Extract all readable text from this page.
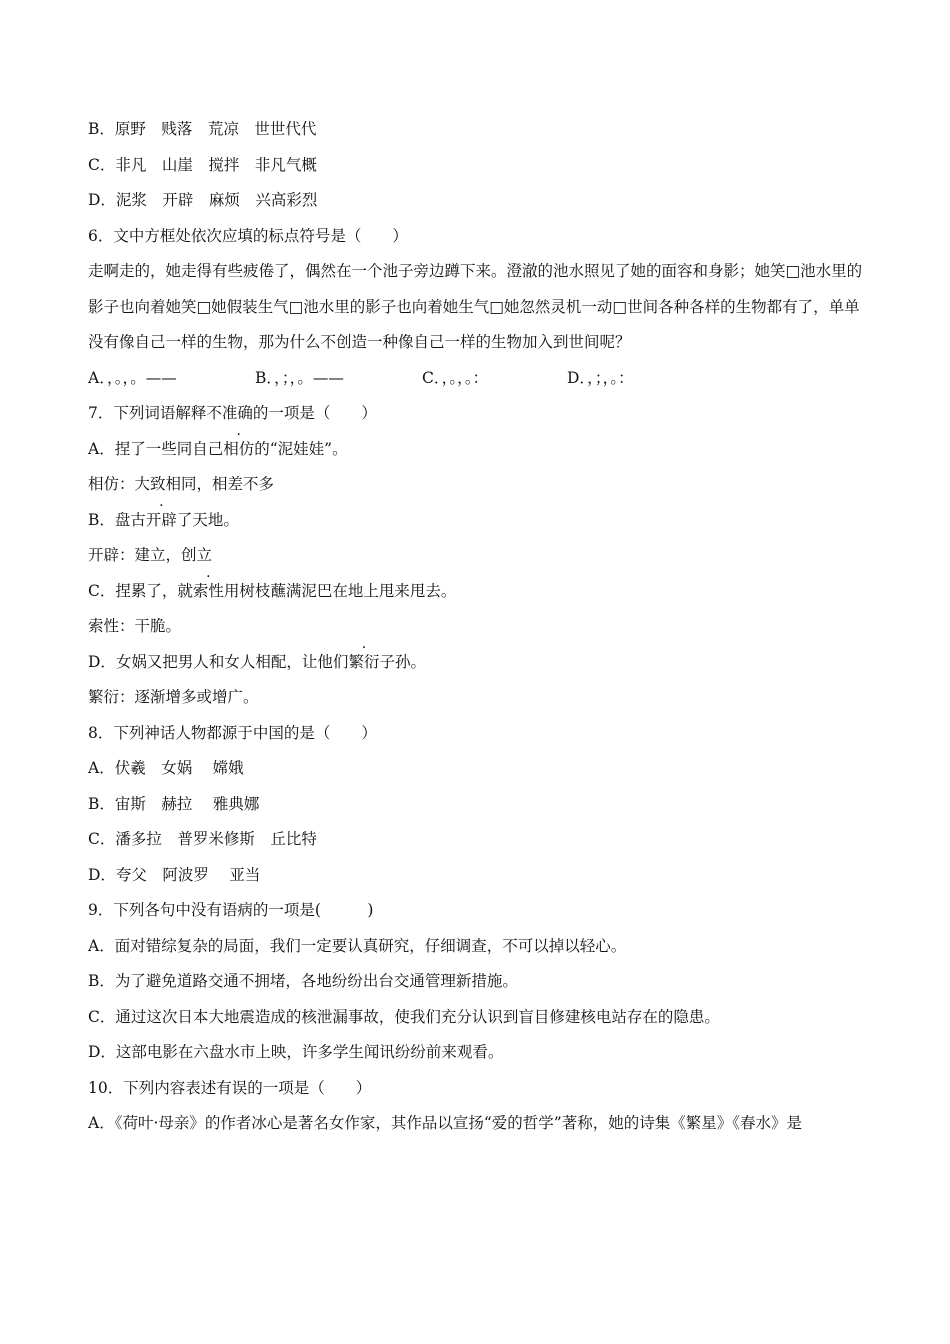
B．原野　贱落　荒凉　世世代代
C．非凡　山崖　搅拌　非凡气概
D．泥浆　开辟　麻烦　兴高彩烈
6．文中方框处依次应填的标点符号是（　　）
走啊走的，她走得有些疲倦了，偶然在一个池子旁边蹲下来。澄澈的池水照见了她的面容和身影；她笑□池水里的影子也向着她笑□她假装生气□池水里的影子也向着她生气□她忽然灵机一动□世间各种各样的生物都有了，单单没有像自己一样的生物，那为什么不创造一种像自己一样的生物加入到世间呢？
A．，。，。——	B．，；，。——	C．，。，。：	D．，；，。：
7．下列词语解释不准确的一项是（　　）
A．捏了一些同自己相仿的“泥娃娃”。
相仿：大致相同，相差不多
B．盘古开辟了天地。
开辟：建立，创立
C．捏累了，就索性用树枝蘸满泥巴在地上甩来甩去。
索性：干脆。
D．女娲又把男人和女人相配，让他们繁衍子孙。
繁衍：逐渐增多或增广。
8．下列神话人物都源于中国的是（　　）
A．伏羲　女娲　 嫦娥
B．宙斯　赫拉　 雅典娜
C．潘多拉　普罗米修斯　丘比特
D．夸父　阿波罗　 亚当
9．下列各句中没有语病的一项是(　　　)
A．面对错综复杂的局面，我们一定要认真研究，仔细调查，不可以掉以轻心。
B．为了避免道路交通不拥堵，各地纷纷出台交通管理新措施。
C．通过这次日本大地震造成的核泄漏事故，使我们充分认识到盲目修建核电站存在的隐患。
D．这部电影在六盘水市上映，许多学生闻讯纷纷前来观看。
10．下列内容表述有误的一项是（　　）
A．《荷叶·母亲》的作者冰心是著名女作家，其作品以宣扬“爱的哲学”著称，她的诗集《繁星》《春水》是
